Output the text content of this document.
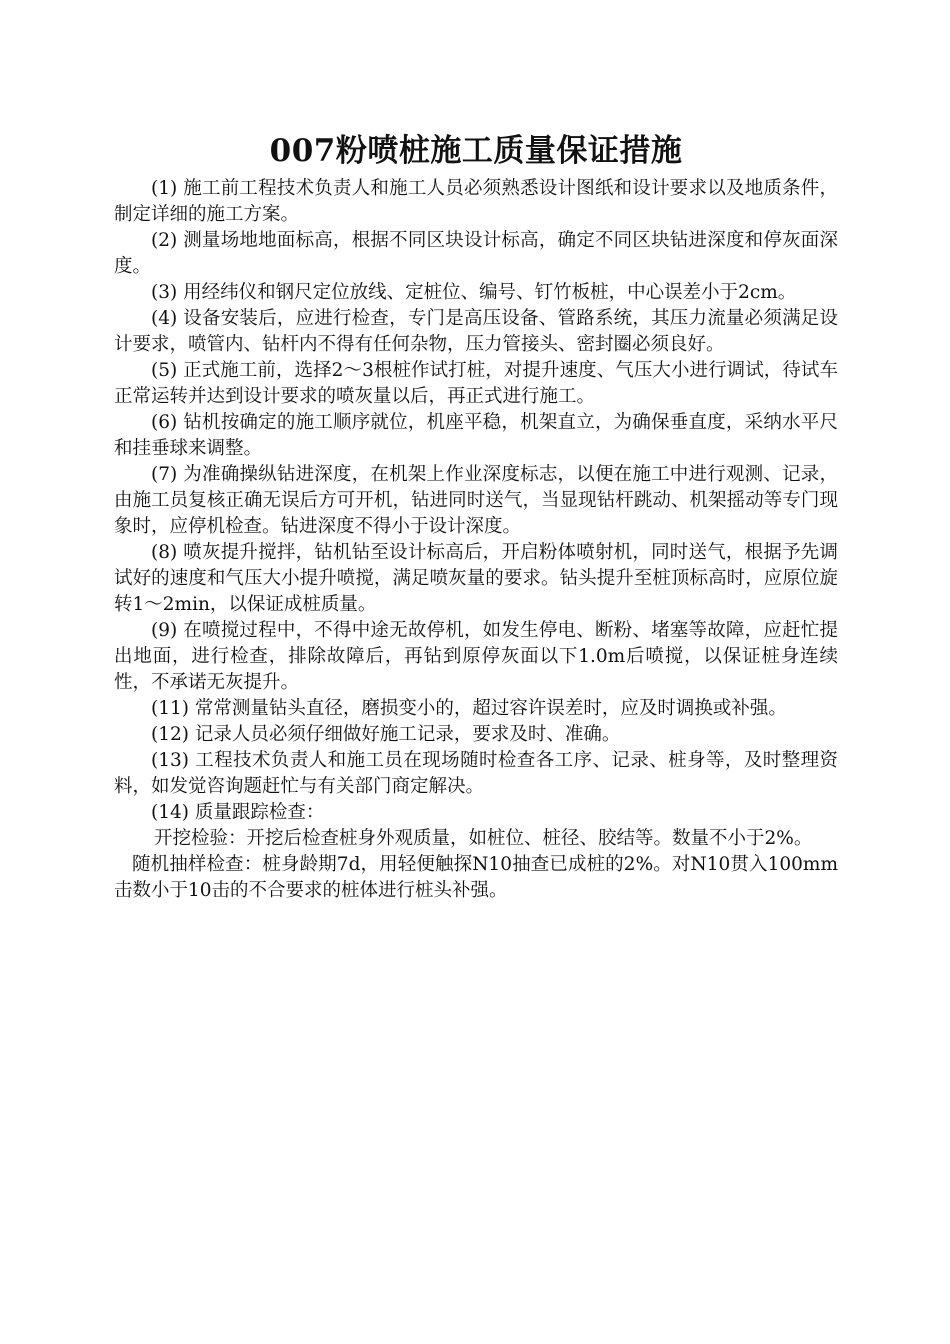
007粉喷桩施工质量保证措施

(1) 施工前工程技术负责人和施工人员必须熟悉设计图纸和设计要求以及地质条件，制定详细的施工方案。

(2) 测量场地地面标高，根据不同区块设计标高，确定不同区块钻进深度和停灰面深度。

(3) 用经纬仪和钢尺定位放线、定桩位、编号、钉竹板桩，中心误差小于2cm。

(4) 设备安装后，应进行检查，专门是高压设备、管路系统，其压力流量必须满足设计要求，喷管内、钻杆内不得有任何杂物，压力管接头、密封圈必须良好。

(5) 正式施工前，选择2～3根桩作试打桩，对提升速度、气压大小进行调试，待试车正常运转并达到设计要求的喷灰量以后，再正式进行施工。

(6) 钻机按确定的施工顺序就位，机座平稳，机架直立，为确保垂直度，采纳水平尺和挂垂球来调整。

(7) 为准确操纵钻进深度，在机架上作业深度标志，以便在施工中进行观测、记录，由施工员复核正确无误后方可开机，钻进同时送气，当显现钻杆跳动、机架摇动等专门现象时，应停机检查。钻进深度不得小于设计深度。

(8) 喷灰提升搅拌，钻机钻至设计标高后，开启粉体喷射机，同时送气，根据予先调试好的速度和气压大小提升喷搅，满足喷灰量的要求。钻头提升至桩顶标高时，应原位旋转1～2min，以保证成桩质量。

(9) 在喷搅过程中，不得中途无故停机，如发生停电、断粉、堵塞等故障，应赶忙提出地面，进行检查，排除故障后，再钻到原停灰面以下1.0m后喷搅，以保证桩身连续性，不承诺无灰提升。

(11) 常常测量钻头直径，磨损变小的，超过容许误差时，应及时调换或补强。

(12) 记录人员必须仔细做好施工记录，要求及时、准确。

(13) 工程技术负责人和施工员在现场随时检查各工序、记录、桩身等，及时整理资料，如发觉咨询题赶忙与有关部门商定解决。

(14) 质量跟踪检查：

开挖检验：开挖后检查桩身外观质量，如桩位、桩径、胶结等。数量不小于2%。

随机抽样检查：桩身龄期7d，用轻便触探N10抽查已成桩的2%。对N10贯入100mm击数小于10击的不合要求的桩体进行桩头补强。
